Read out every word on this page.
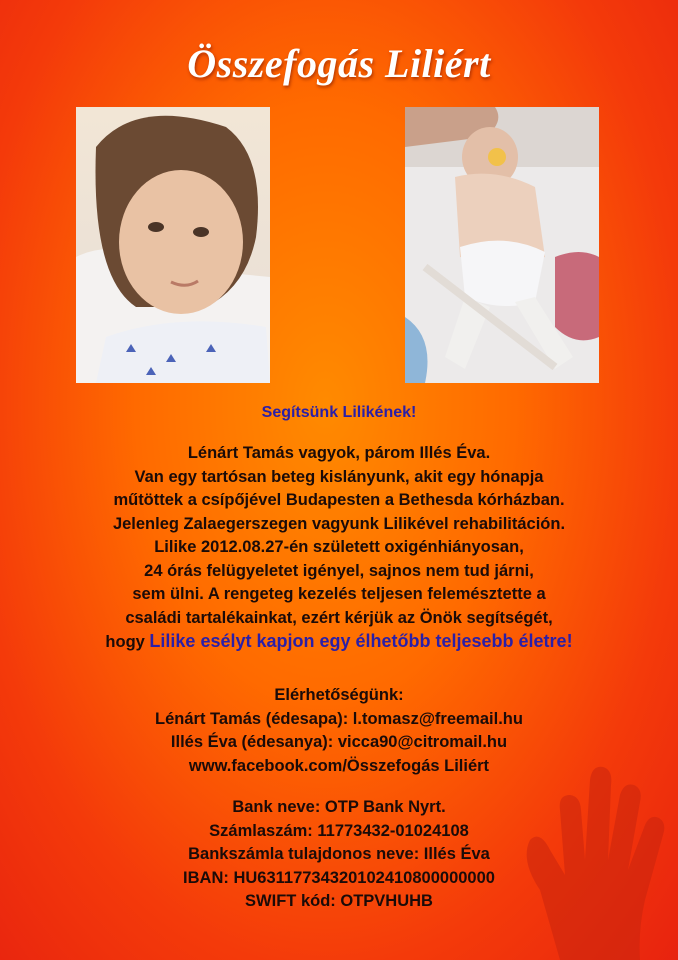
Összefogás Liliért
Segítsünk Lilikének!
Lénárt Tamás vagyok, párom Illés Éva.
Van egy tartósan beteg kislányunk, akit egy hónapja
műtöttek a csípőjével Budapesten a Bethesda kórházban.
Jelenleg Zalaegerszegen vagyunk Lilikével rehabilitáción.
Lilike 2012.08.27-én született oxigénhiányosan,
24 órás felügyeletet igényel, sajnos nem tud járni,
sem ülni. A rengeteg kezelés teljesen felemésztette a
családi tartalékainkat, ezért kérjük az Önök segítségét,
hogy Lilike esélyt kapjon egy élhetőbb teljesebb életre!
Elérhetőségünk:
Lénárt Tamás (édesapa): l.tomasz@freemail.hu
Illés Éva (édesanya): vicca90@citromail.hu
www.facebook.com/Összefogás Liliért
Bank neve: OTP Bank Nyrt.
Számlaszám: 11773432-01024108
Bankszámla tulajdonos neve: Illés Éva
IBAN: HU63117734320102410800000000
SWIFT kód: OTPVHUHB
